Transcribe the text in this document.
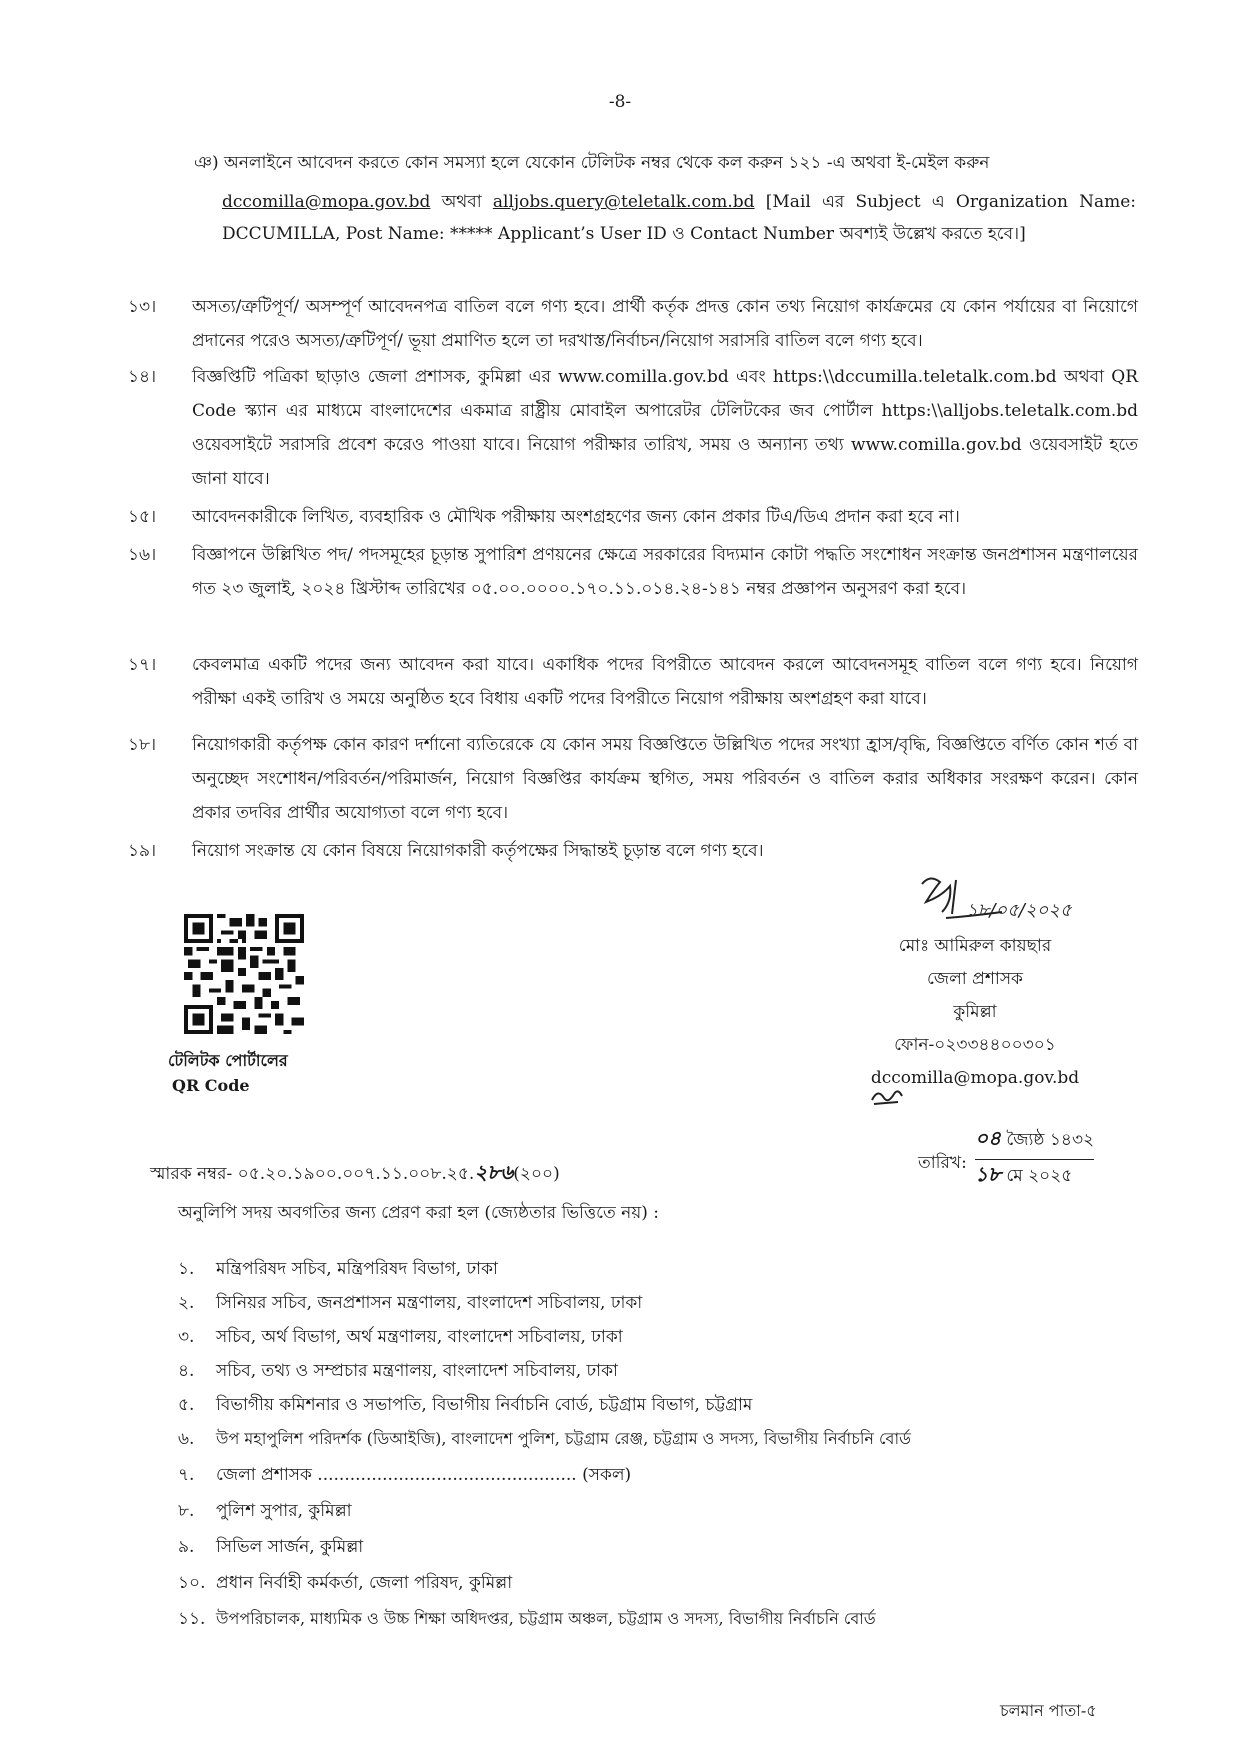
-8-
ঞ) অনলাইনে আবেদন করতে কোন সমস্যা হলে যেকোন টেলিটক নম্বর থেকে কল করুন ১২১ -এ অথবা ই-মেইল করুন
dccomilla@mopa.gov.bd অথবা alljobs.query@teletalk.com.bd [Mail এর Subject এ Organization Name: DCCUMILLA, Post Name: ***** Applicant’s User ID ও Contact Number অবশ্যই উল্লেখ করতে হবে।]
১৩।	অসত্য/ত্রুটিপূর্ণ/ অসম্পূর্ণ আবেদনপত্র বাতিল বলে গণ্য হবে। প্রার্থী কর্তৃক প্রদত্ত কোন তথ্য নিয়োগ কার্যক্রমের যে কোন পর্যায়ের বা নিয়োগে প্রদানের পরেও অসত্য/ত্রুটিপূর্ণ/ ভূয়া প্রমাণিত হলে তা দরখাস্ত/নির্বাচন/নিয়োগ সরাসরি বাতিল বলে গণ্য হবে।
১৪।	বিজ্ঞপ্তিটি পত্রিকা ছাড়াও জেলা প্রশাসক, কুমিল্লা এর www.comilla.gov.bd এবং https:\\dccumilla.teletalk.com.bd অথবা QR Code স্ক্যান এর মাধ্যমে বাংলাদেশের একমাত্র রাষ্ট্রীয় মোবাইল অপারেটর টেলিটকের জব পোর্টাল https:\\alljobs.teletalk.com.bd ওয়েবসাইটে সরাসরি প্রবেশ করেও পাওয়া যাবে। নিয়োগ পরীক্ষার তারিখ, সময় ও অন্যান্য তথ্য www.comilla.gov.bd ওয়েবসাইট হতে জানা যাবে।
১৫।	আবেদনকারীকে লিখিত, ব্যবহারিক ও মৌখিক পরীক্ষায় অংশগ্রহণের জন্য কোন প্রকার টিএ/ডিএ প্রদান করা হবে না।
১৬।	বিজ্ঞাপনে উল্লিখিত পদ/ পদসমূহের চূড়ান্ত সুপারিশ প্রণয়নের ক্ষেত্রে সরকারের বিদ্যমান কোটা পদ্ধতি সংশোধন সংক্রান্ত জনপ্রশাসন মন্ত্রণালয়ের গত ২৩ জুলাই, ২০২৪ খ্রিস্টাব্দ তারিখের ০৫.০০.০০০০.১৭০.১১.০১৪.২৪-১৪১ নম্বর প্রজ্ঞাপন অনুসরণ করা হবে।
১৭।	কেবলমাত্র একটি পদের জন্য আবেদন করা যাবে। একাধিক পদের বিপরীতে আবেদন করলে আবেদনসমূহ বাতিল বলে গণ্য হবে। নিয়োগ পরীক্ষা একই তারিখ ও সময়ে অনুষ্ঠিত হবে বিধায় একটি পদের বিপরীতে নিয়োগ পরীক্ষায় অংশগ্রহণ করা যাবে।
১৮।	নিয়োগকারী কর্তৃপক্ষ কোন কারণ দর্শানো ব্যতিরেকে যে কোন সময় বিজ্ঞপ্তিতে উল্লিখিত পদের সংখ্যা হ্রাস/বৃদ্ধি, বিজ্ঞপ্তিতে বর্ণিত কোন শর্ত বা অনুচ্ছেদ সংশোধন/পরিবর্তন/পরিমার্জন, নিয়োগ বিজ্ঞপ্তির কার্যক্রম স্থগিত, সময় পরিবর্তন ও বাতিল করার অধিকার সংরক্ষণ করেন। কোন প্রকার তদবির প্রার্থীর অযোগ্যতা বলে গণ্য হবে।
১৯।	নিয়োগ সংক্রান্ত যে কোন বিষয়ে নিয়োগকারী কর্তৃপক্ষের সিদ্ধান্তই চূড়ান্ত বলে গণ্য হবে।
টেলিটক পোর্টালের
QR Code
১৮/০৫/২০২৫
মোঃ আমিরুল কায়ছার
জেলা প্রশাসক
কুমিল্লা
ফোন-০২৩৩৪৪০০৩০১
dccomilla@mopa.gov.bd
স্মারক নম্বর- ০৫.২০.১৯০০.০০৭.১১.০০৮.২৫.২৮৬(২০০)
তারিখ:
০৪ জ্যৈষ্ঠ ১৪৩২
১৮ মে ২০২৫
অনুলিপি সদয় অবগতির জন্য প্রেরণ করা হল (জ্যেষ্ঠতার ভিত্তিতে নয়) :
১. মন্ত্রিপরিষদ সচিব, মন্ত্রিপরিষদ বিভাগ, ঢাকা
২. সিনিয়র সচিব, জনপ্রশাসন মন্ত্রণালয়, বাংলাদেশ সচিবালয়, ঢাকা
৩. সচিব, অর্থ বিভাগ, অর্থ মন্ত্রণালয়, বাংলাদেশ সচিবালয়, ঢাকা
৪. সচিব, তথ্য ও সম্প্রচার মন্ত্রণালয়, বাংলাদেশ সচিবালয়, ঢাকা
৫. বিভাগীয় কমিশনার ও সভাপতি, বিভাগীয় নির্বাচনি বোর্ড, চট্টগ্রাম বিভাগ, চট্টগ্রাম
৬. উপ মহাপুলিশ পরিদর্শক (ডিআইজি), বাংলাদেশ পুলিশ, চট্টগ্রাম রেঞ্জ, চট্টগ্রাম ও সদস্য, বিভাগীয় নির্বাচনি বোর্ড
৭. জেলা প্রশাসক ................................................ (সকল)
৮. পুলিশ সুপার, কুমিল্লা
৯. সিভিল সার্জন, কুমিল্লা
১০. প্রধান নির্বাহী কর্মকর্তা, জেলা পরিষদ, কুমিল্লা
১১. উপপরিচালক, মাধ্যমিক ও উচ্চ শিক্ষা অধিদপ্তর, চট্টগ্রাম অঞ্চল, চট্টগ্রাম ও সদস্য, বিভাগীয় নির্বাচনি বোর্ড
চলমান পাতা-৫
